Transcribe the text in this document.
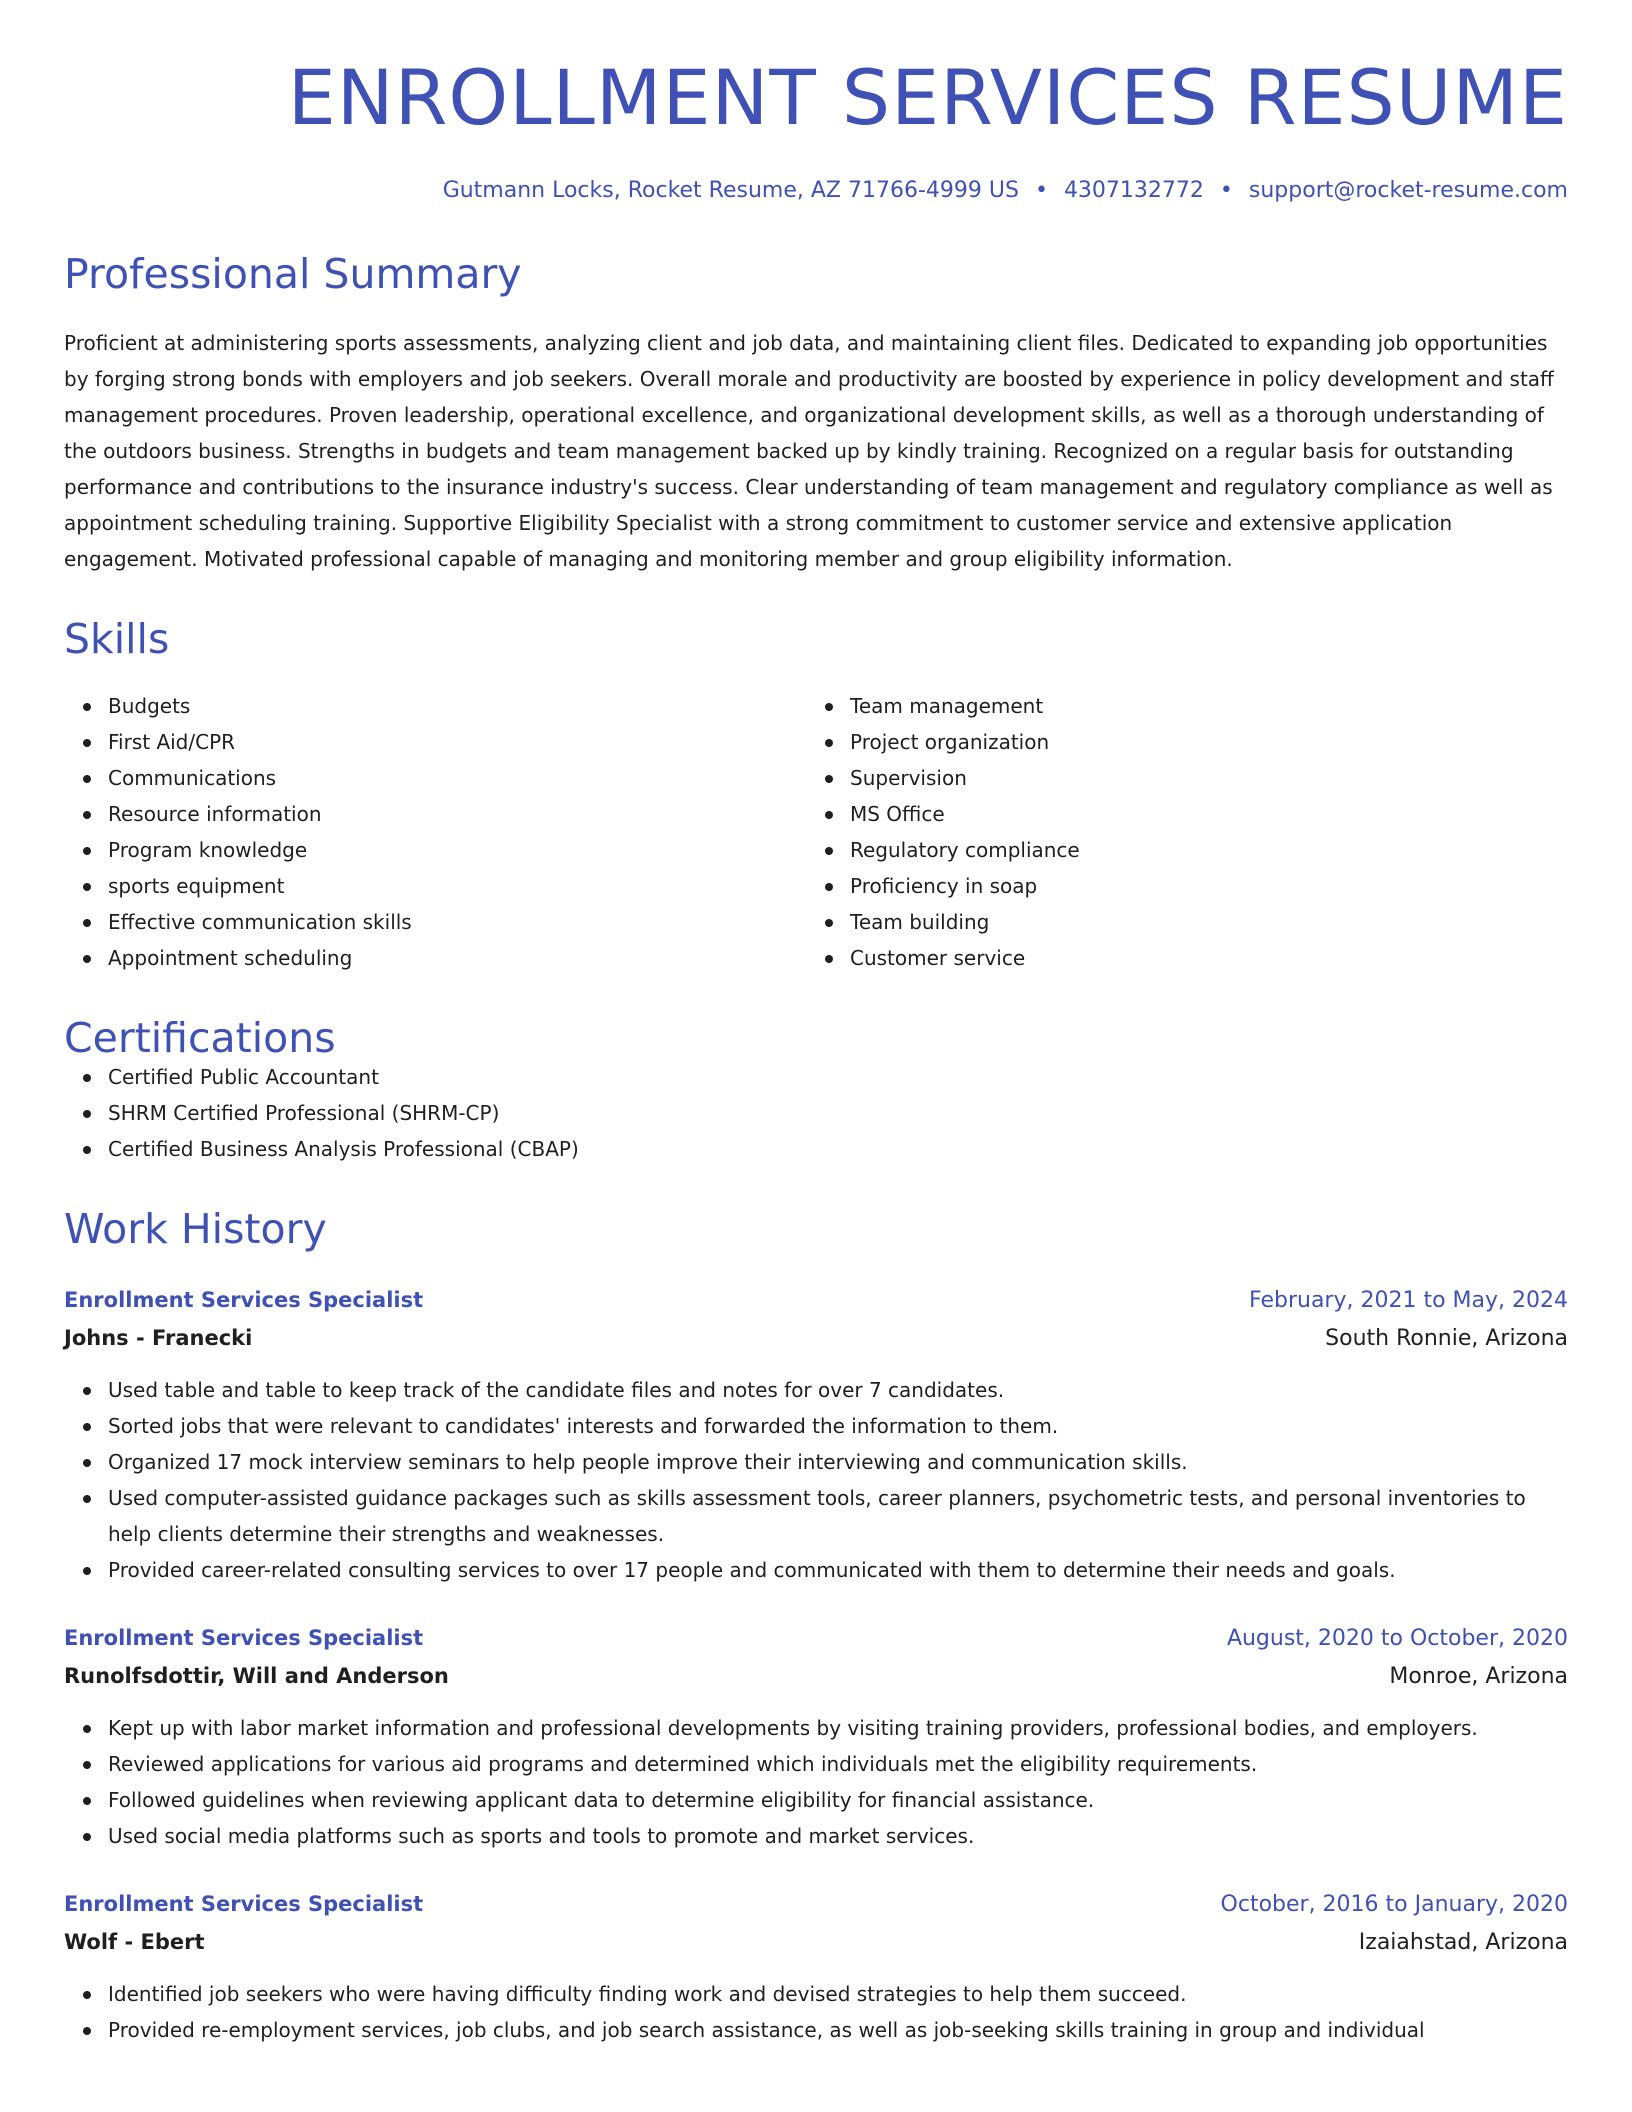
ENROLLMENT SERVICES RESUME
Gutmann Locks, Rocket Resume, AZ 71766-4999 US • 4307132772 • support@rocket-resume.com
Professional Summary
Proficient at administering sports assessments, analyzing client and job data, and maintaining client files. Dedicated to expanding job opportunities by forging strong bonds with employers and job seekers. Overall morale and productivity are boosted by experience in policy development and staff management procedures. Proven leadership, operational excellence, and organizational development skills, as well as a thorough understanding of the outdoors business. Strengths in budgets and team management backed up by kindly training. Recognized on a regular basis for outstanding performance and contributions to the insurance industry's success. Clear understanding of team management and regulatory compliance as well as appointment scheduling training. Supportive Eligibility Specialist with a strong commitment to customer service and extensive application engagement. Motivated professional capable of managing and monitoring member and group eligibility information.
Skills
Budgets
First Aid/CPR
Communications
Resource information
Program knowledge
sports equipment
Effective communication skills
Appointment scheduling
Team management
Project organization
Supervision
MS Office
Regulatory compliance
Proficiency in soap
Team building
Customer service
Certifications
Certified Public Accountant
SHRM Certified Professional (SHRM-CP)
Certified Business Analysis Professional (CBAP)
Work History
Enrollment Services Specialist	February, 2021 to May, 2024
Johns - Franecki	South Ronnie, Arizona
Used table and table to keep track of the candidate files and notes for over 7 candidates.
Sorted jobs that were relevant to candidates' interests and forwarded the information to them.
Organized 17 mock interview seminars to help people improve their interviewing and communication skills.
Used computer-assisted guidance packages such as skills assessment tools, career planners, psychometric tests, and personal inventories to help clients determine their strengths and weaknesses.
Provided career-related consulting services to over 17 people and communicated with them to determine their needs and goals.
Enrollment Services Specialist	August, 2020 to October, 2020
Runolfsdottir, Will and Anderson	Monroe, Arizona
Kept up with labor market information and professional developments by visiting training providers, professional bodies, and employers.
Reviewed applications for various aid programs and determined which individuals met the eligibility requirements.
Followed guidelines when reviewing applicant data to determine eligibility for financial assistance.
Used social media platforms such as sports and tools to promote and market services.
Enrollment Services Specialist	October, 2016 to January, 2020
Wolf - Ebert	Izaiahstad, Arizona
Identified job seekers who were having difficulty finding work and devised strategies to help them succeed.
Provided re-employment services, job clubs, and job search assistance, as well as job-seeking skills training in group and individual
